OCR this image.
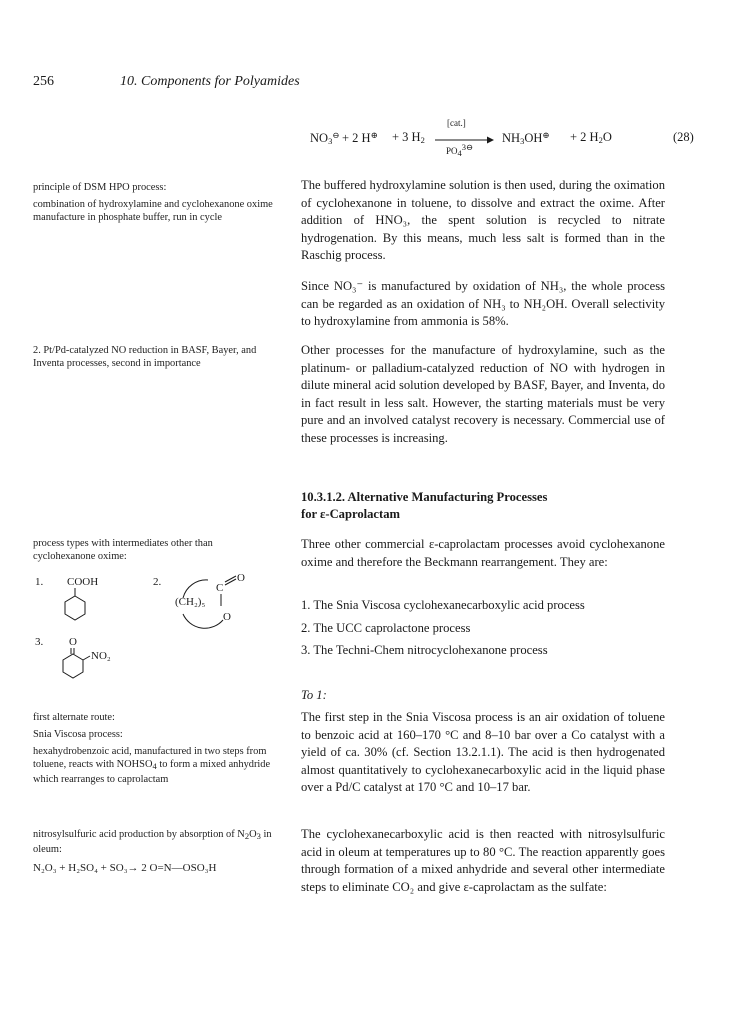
256	10. Components for Polyamides
$NO_3^⊖ + 2$ H⊕ + 3 $H_2$
[cat.]
$PO_4^{3⊖}$
$NH_3OH^\oplus + 2$ $H_2O$	(28)

principle of DSM HPO process:

combination of hydroxylamine and cyclohexanone oxime manufacture in phosphate buffer, run in cycle

2. Pt/Pd-catalyzed NO reduction in BASF, Bayer, and Inventa processes, second in importance

process types with intermediates other than cyclohexanone oxime:

1. COOH	2.
(CH₂)₅
C
O
O
3. O
NO₂

first alternate route:

Snia Viscosa process:

hexahydrobenzoic acid, manufactured in two steps from toluene, reacts with $NOHSO_4$ to form a mixed anhydride which rearranges to caprolactam

nitrosylsulfuric acid production by absorption of $N_2O_3$ in oleum:

N₂O₃ + H₂SO₄ + SO₃→ 2 O=N—OSO₃H

The buffered hydroxylamine solution is then used, during the oximation of cyclohexanone in toluene, to dissolve and extract the oxime. After addition of HNO₃, the spent solution is recycled to nitrate hydrogenation. By this means, much less salt is formed than in the Raschig process.

Since NO₃⁻ is manufactured by oxidation of NH₃, the whole process can be regarded as an oxidation of NH₃ to NH₂OH. Overall selectivity to hydroxylamine from ammonia is 58%.

Other processes for the manufacture of hydroxylamine, such as the platinum- or palladium-catalyzed reduction of NO with hydrogen in dilute mineral acid solution developed by BASF, Bayer, and Inventa, do in fact result in less salt. However, the starting materials must be very pure and an involved catalyst recovery is necessary. Commercial use of these processes is increasing.

10.3.1.2. Alternative Manufacturing Processes
for ε-Caprolactam

Three other commercial ε-caprolactam processes avoid cyclohexanone oxime and therefore the Beckmann rearrangement. They are:

1. The Snia Viscosa cyclohexanecarboxylic acid process
2. The UCC caprolactone process
3. The Techni-Chem nitrocyclohexanone process
To 1:

The first step in the Snia Viscosa process is an air oxidation of toluene to benzoic acid at 160–170 °C and 8–10 bar over a Co catalyst with a yield of ca. 30% (cf. Section 13.2.1.1). The acid is then hydrogenated almost quantitatively to cyclohexanecarboxylic acid in the liquid phase over a Pd/C catalyst at 170 °C and 10–17 bar.

The cyclohexanecarboxylic acid is then reacted with nitrosylsulfuric acid in oleum at temperatures up to 80 °C. The reaction apparently goes through formation of a mixed anhydride and several other intermediate steps to eliminate CO₂ and give ε-caprolactam as the sulfate:
